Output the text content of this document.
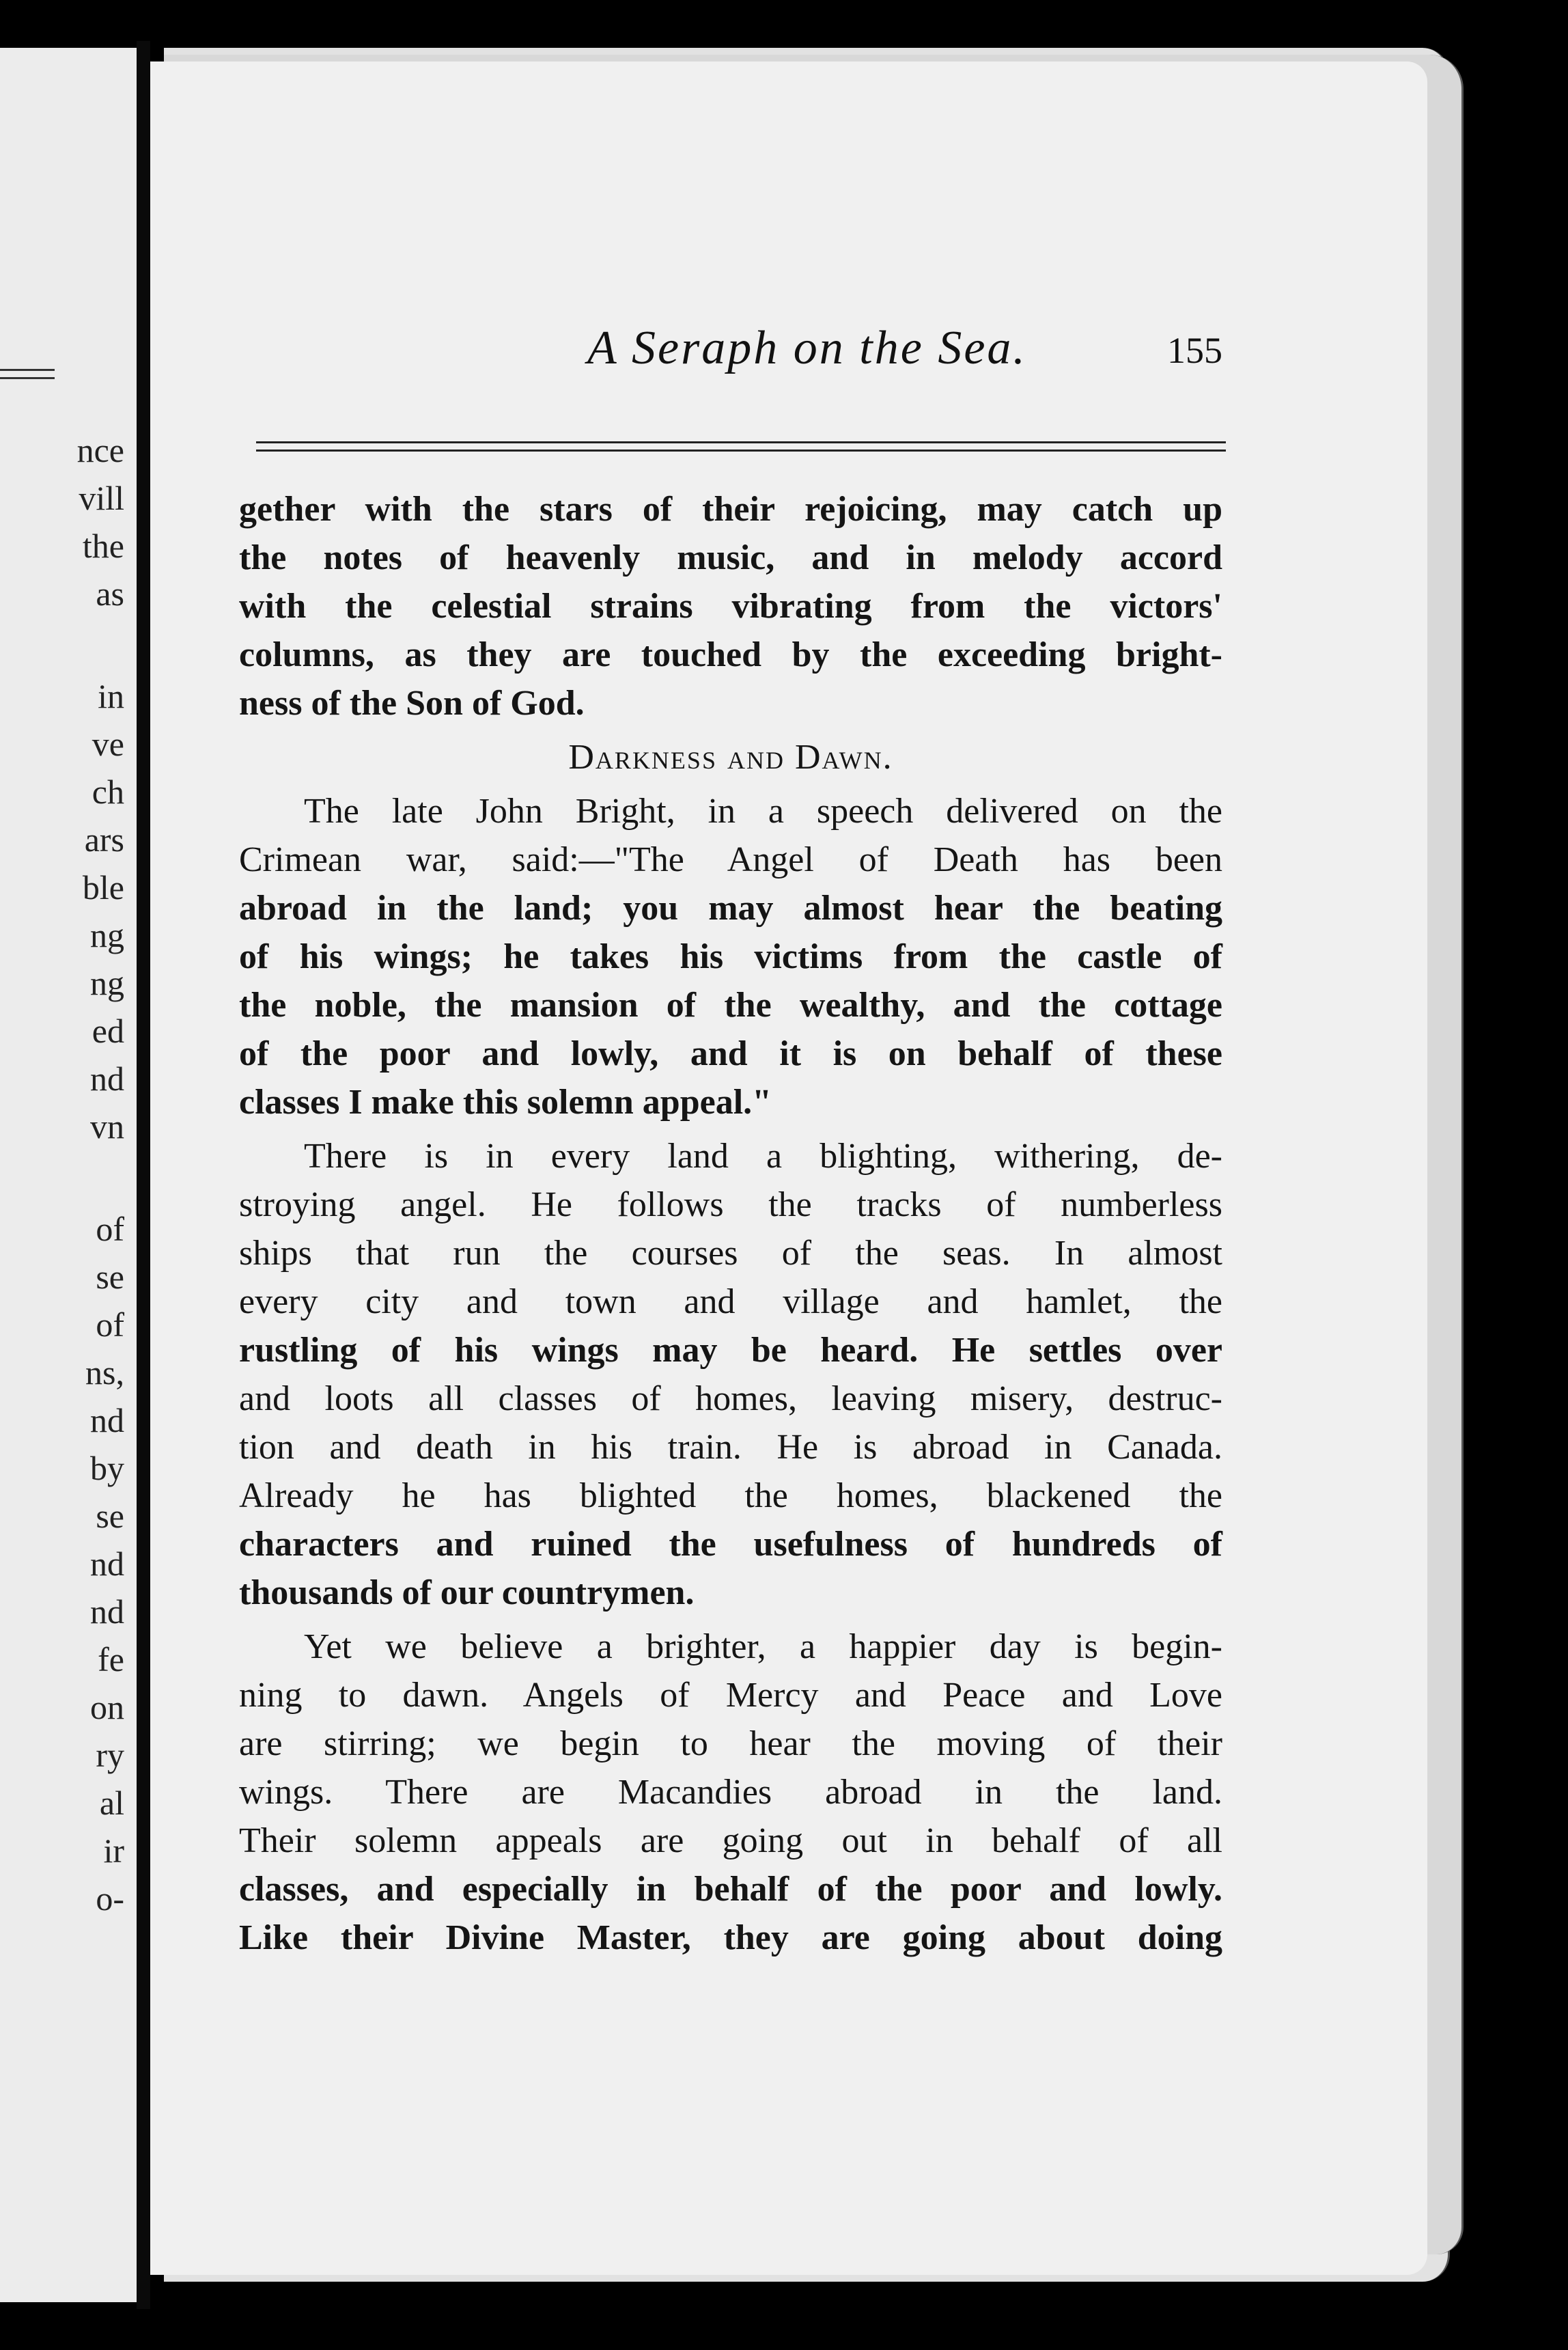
nce
vill
the
as
in
ve
ch
ars
ble
ng
ng
ed
nd
vn
of
se
of
ns,
nd
by
se
nd
nd
fe
on
ry
al
ir
o-
A Seraph on the Sea.	155
gether with the stars of their rejoicing, may catch up
the notes of heavenly music, and in melody accord
with the celestial strains vibrating from the victors'
columns, as they are touched by the exceeding bright-
ness of the Son of God.
Darkness and Dawn.
The late John Bright, in a speech delivered on the
Crimean war, said:—"The Angel of Death has been
abroad in the land; you may almost hear the beating
of his wings; he takes his victims from the castle of
the noble, the mansion of the wealthy, and the cottage
of the poor and lowly, and it is on behalf of these
classes I make this solemn appeal."
There is in every land a blighting, withering, de-
stroying angel. He follows the tracks of numberless
ships that run the courses of the seas. In almost
every city and town and village and hamlet, the
rustling of his wings may be heard. He settles over
and loots all classes of homes, leaving misery, destruc-
tion and death in his train. He is abroad in Canada.
Already he has blighted the homes, blackened the
characters and ruined the usefulness of hundreds of
thousands of our countrymen.
Yet we believe a brighter, a happier day is begin-
ning to dawn. Angels of Mercy and Peace and Love
are stirring; we begin to hear the moving of their
wings. There are Macandies abroad in the land.
Their solemn appeals are going out in behalf of all
classes, and especially in behalf of the poor and lowly.
Like their Divine Master, they are going about doing
